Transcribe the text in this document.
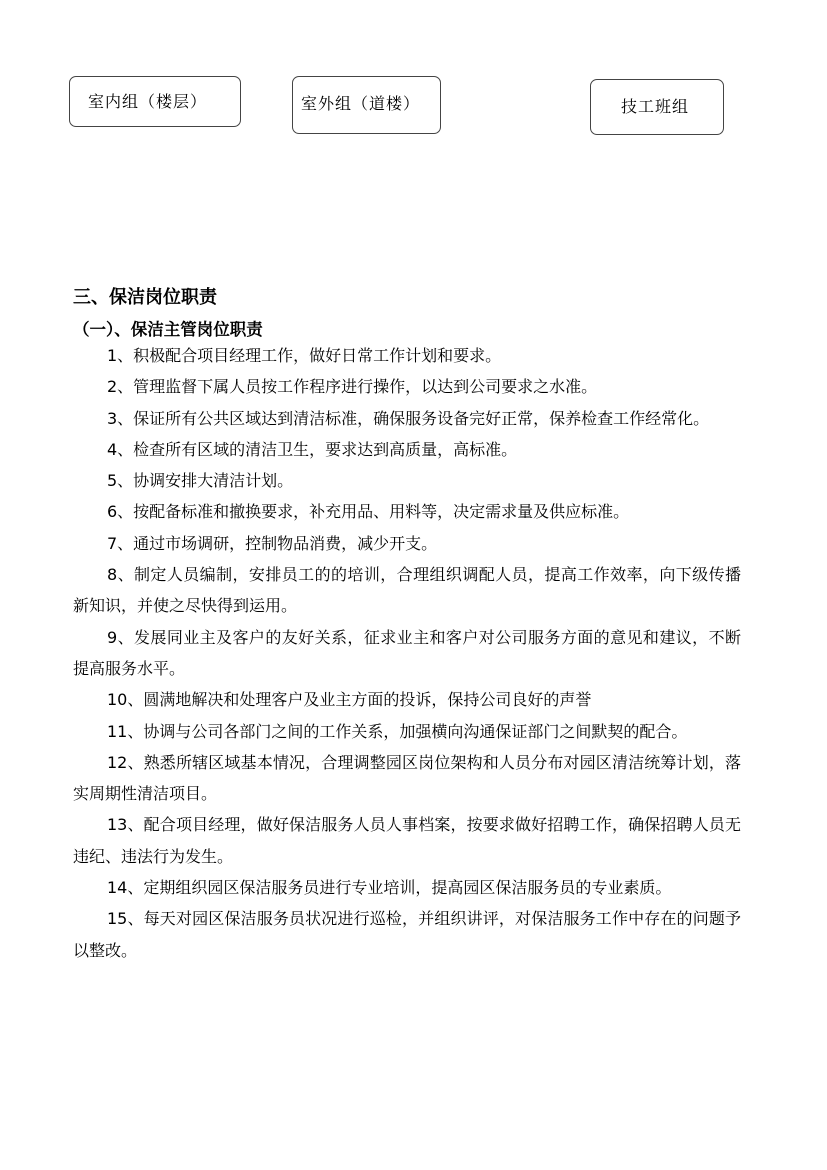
室内组（楼层）	室外组（道楼）	技工班组
三、保洁岗位职责
（一）、保洁主管岗位职责
1、积极配合项目经理工作，做好日常工作计划和要求。
2、管理监督下属人员按工作程序进行操作，以达到公司要求之水准。
3、保证所有公共区域达到清洁标准，确保服务设备完好正常，保养检查工作经常化。
4、检查所有区域的清洁卫生，要求达到高质量，高标准。
5、协调安排大清洁计划。
6、按配备标准和撤换要求，补充用品、用料等，决定需求量及供应标准。
7、通过市场调研，控制物品消费，减少开支。
8、制定人员编制，安排员工的的培训，合理组织调配人员，提高工作效率，向下级传播新知识，并使之尽快得到运用。
9、发展同业主及客户的友好关系，征求业主和客户对公司服务方面的意见和建议，不断提高服务水平。
10、圆满地解决和处理客户及业主方面的投诉，保持公司良好的声誉
11、协调与公司各部门之间的工作关系，加强横向沟通保证部门之间默契的配合。
12、熟悉所辖区域基本情况，合理调整园区岗位架构和人员分布对园区清洁统筹计划，落实周期性清洁项目。
13、配合项目经理，做好保洁服务人员人事档案，按要求做好招聘工作，确保招聘人员无违纪、违法行为发生。
14、定期组织园区保洁服务员进行专业培训，提高园区保洁服务员的专业素质。
15、每天对园区保洁服务员状况进行巡检，并组织讲评，对保洁服务工作中存在的问题予以整改。
